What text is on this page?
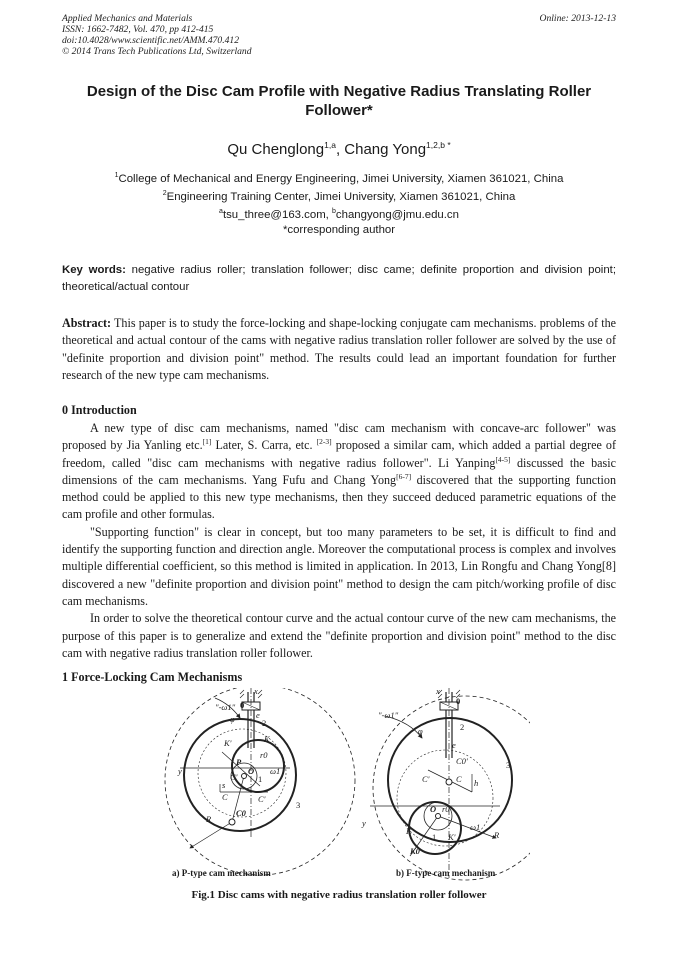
Applied Mechanics and Materials
ISSN: 1662-7482, Vol. 470, pp 412-415
doi:10.4028/www.scientific.net/AMM.470.412
© 2014 Trans Tech Publications Ltd, Switzerland
Online: 2013-12-13
Design of the Disc Cam Profile with Negative Radius Translating Roller Follower*
Qu Chenglong$^{1,a}$, Chang Yong$^{1,2,b *}$
$^1$College of Mechanical and Energy Engineering, Jimei University, Xiamen 361021, China
$^2$Engineering Training Center, Jimei University, Xiamen 361021, China
$^a$tsu_three@163.com, $^b$changyong@jmu.edu.cn
*corresponding author
Key words: negative radius roller; translation follower; disc came; definite proportion and division point; theoretical/actual contour

Abstract: This paper is to study the force-locking and shape-locking conjugate cam mechanisms. problems of the theoretical and actual contour of the cams with negative radius translation roller follower are solved by the use of "definite proportion and division point" method. The results could lead an important foundation for further research of the new type cam mechanisms.

0 Introduction

A new type of disc cam mechanisms, named "disc cam mechanism with concave-arc follower" was proposed by Jia Yanling etc.[1] Later, S. Carra, etc. [2-3] proposed a similar cam, which added a partial degree of freedom, called "disc cam mechanisms with negative radius follower". Li Yanping[4-5] discussed the basic dimensions of the cam mechanisms. Yang Fufu and Chang Yong[6-7] discovered that the supporting function method could be applied to this new type mechanisms, then they succeed deduced parametric equations of the cam profile and other formulas.

"Supporting function" is clear in concept, but too many parameters to be set, it is difficult to find and identify the supporting function and direction angle. Moreover the computational process is complex and involves multiple differential coefficient, so this method is limited in application. In 2013, Lin Rongfu and Chang Yong[8] discovered a new "definite proportion and division point" method to design the cam pitch/working profile of disc cam mechanisms.

In order to solve the theoretical contour curve and the actual contour curve of the new cam mechanisms, the purpose of this paper is to generalize and extend the "definite proportion and division point" method to the disc cam with negative radius translation roller follower.

1 Force-Locking Cam Mechanisms
"-ω1"
x
0
2
e
K
K'
φ
y
P
C'
O
r0
ω1
1
s
C	C'
C0
R
3
"-ω1"
x
0
2
e
φ
C0'
C h
3
C'
y
O r0
ω1
R
1
K
K0
K'
a) P-type cam mechanism	b) F-type cam mechanism
Fig.1 Disc cams with negative radius translation roller follower
